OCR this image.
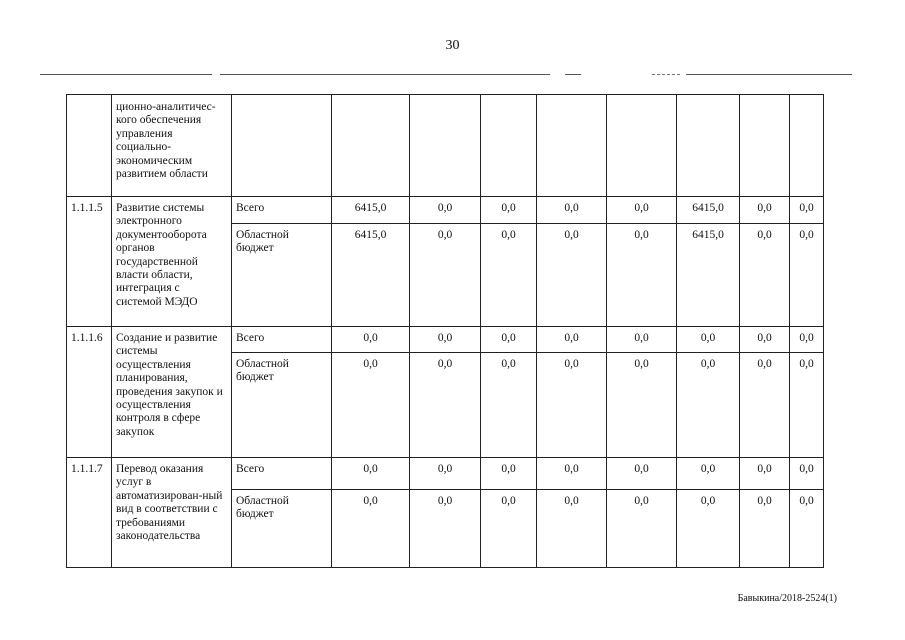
30
	ционно-аналитичес-кого обеспечения управления социально-экономическим развитием области									
1.1.1.5	Развитие системы электронного документооборота органов государственной власти области, интеграция с системой МЭДО	Всего	6415,0	0,0	0,0	0,0	0,0	6415,0	0,0	0,0
		Областной бюджет	6415,0	0,0	0,0	0,0	0,0	6415,0	0,0	0,0
1.1.1.6	Создание и развитие системы осуществления планирования, проведения закупок и осуществления контроля в сфере закупок	Всего	0,0	0,0	0,0	0,0	0,0	0,0	0,0	0,0
		Областной бюджет	0,0	0,0	0,0	0,0	0,0	0,0	0,0	0,0
1.1.1.7	Перевод оказания услуг в автоматизирован-ный вид в соответствии с требованиями законодательства	Всего	0,0	0,0	0,0	0,0	0,0	0,0	0,0	0,0
		Областной бюджет	0,0	0,0	0,0	0,0	0,0	0,0	0,0	0,0
Бавыкина/2018-2524(1)
